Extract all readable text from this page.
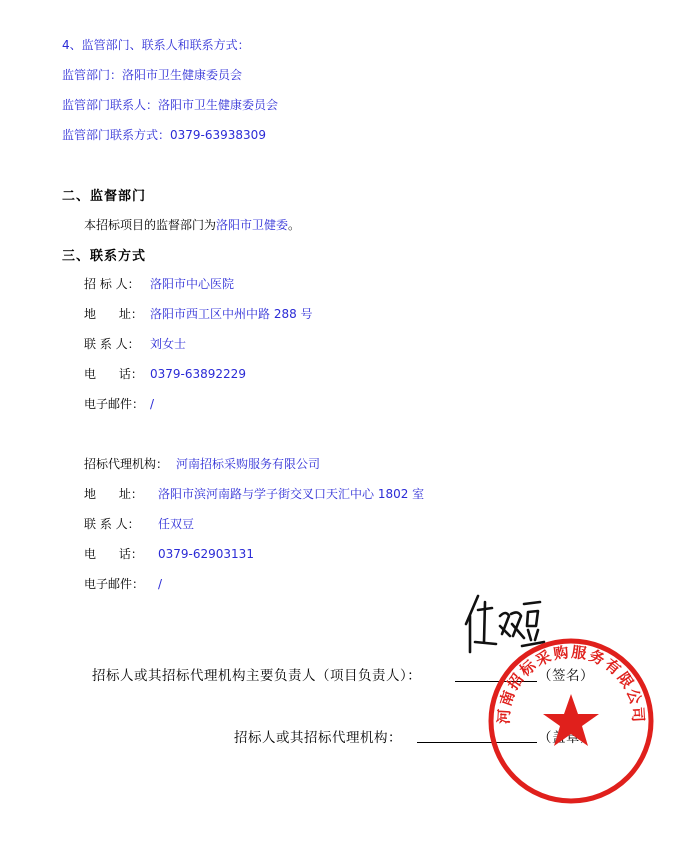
4、监管部门、联系人和联系方式：
监管部门：洛阳市卫生健康委员会
监管部门联系人：洛阳市卫生健康委员会
监管部门联系方式：0379-63938309
二、监督部门
本招标项目的监督部门为洛阳市卫健委。
三、联系方式
招 标 人： 洛阳市中心医院
地      址： 洛阳市西工区中州中路 288 号
联 系 人： 刘女士
电      话： 0379-63892229
电子邮件： /
招标代理机构： 河南招标采购服务有限公司
地      址： 洛阳市滨河南路与学子街交叉口天汇中心 1802 室
联 系 人： 任双豆
电      话： 0379-62903131
电子邮件： /
招标人或其招标代理机构主要负责人（项目负责人）：	（签名）
招标人或其招标代理机构：	（盖章）
河南招标采购服务有限公司
